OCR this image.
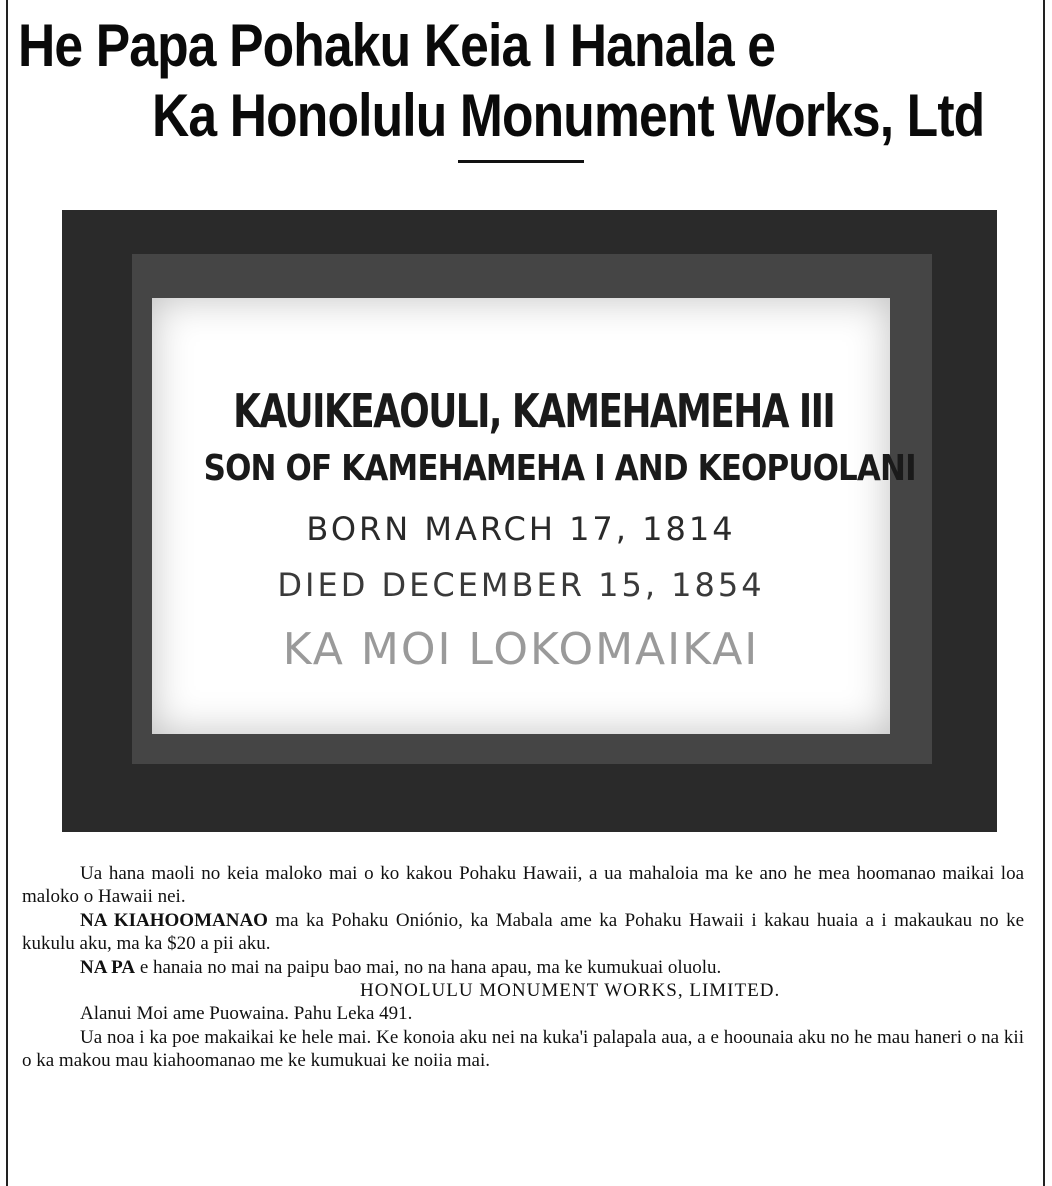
He Papa Pohaku Keia I Hanala e
Ka Honolulu Monument Works, Ltd
KAUIKEAOULI, KAMEHAMEHA III
SON OF KAMEHAMEHA I AND KEOPUOLANI
BORN MARCH 17, 1814
DIED DECEMBER 15, 1854
KA MOI LOKOMAIKAI

Ua hana maoli no keia maloko mai o ko kakou Pohaku Hawaii, a ua mahaloia ma ke ano he mea hoomanao maikai loa maloko o Hawaii nei.

NA KIAHOOMANAO ma ka Pohaku Oniónio, ka Mabala ame ka Pohaku Hawaii i kakau huaia a i makaukau no ke kukulu aku, ma ka $20 a pii aku.

NA PA e hanaia no mai na paipu bao mai, no na hana apau, ma ke kumukuai oluolu.

HONOLULU MONUMENT WORKS, LIMITED.

Alanui Moi ame Puowaina. Pahu Leka 491.

Ua noa i ka poe makaikai ke hele mai. Ke konoia aku nei na kuka'i palapala aua, a e hoounaia aku no he mau haneri o na kii o ka makou mau kiahoomanao me ke kumukuai ke noiia mai.
